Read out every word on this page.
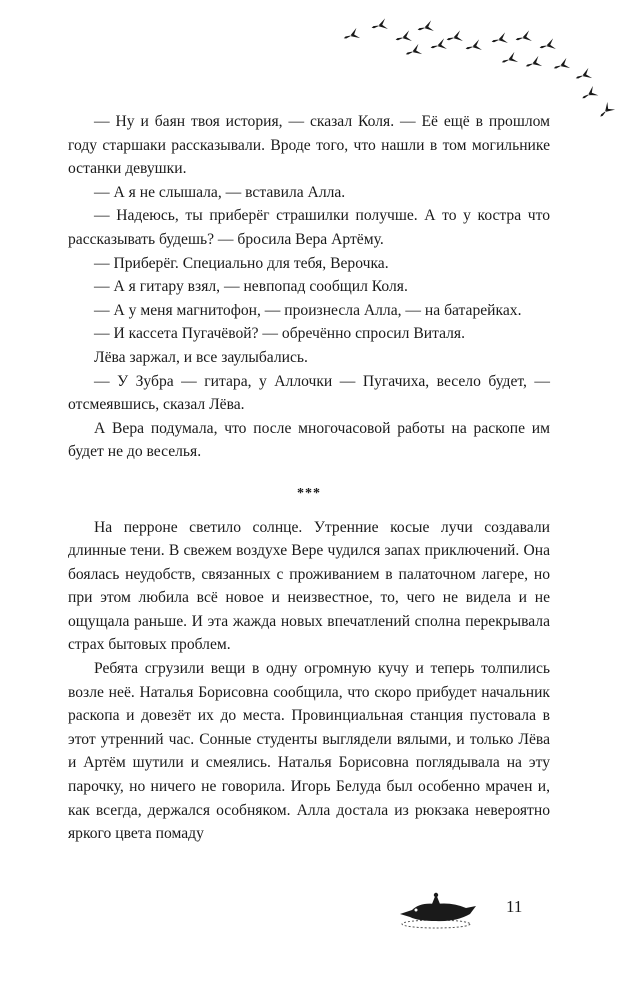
— Ну и баян твоя история, — сказал Коля. — Её ещё в прошлом году старшаки рассказывали. Вроде того, что нашли в том могильнике останки девушки.

— А я не слышала, — вставила Алла.

— Надеюсь, ты приберёг страшилки получше. А то у костра что рассказывать будешь? — бросила Вера Артёму.

— Приберёг. Специально для тебя, Верочка.

— А я гитару взял, — невпопад сообщил Коля.

— А у меня магнитофон, — произнесла Алла, — на батарейках.

— И кассета Пугачёвой? — обречённо спросил Виталя.

Лёва заржал, и все заулыбались.

— У Зубра — гитара, у Аллочки — Пугачиха, весело будет, — отсмеявшись, сказал Лёва.

А Вера подумала, что после многочасовой работы на раскопе им будет не до веселья.

***

На перроне светило солнце. Утренние косые лучи создавали длинные тени. В свежем воздухе Вере чудился запах приключений. Она боялась неудобств, связанных с проживанием в палаточном лагере, но при этом любила всё новое и неизвестное, то, чего не видела и не ощущала раньше. И эта жажда новых впечатлений сполна перекрывала страх бытовых проблем.

Ребята сгрузили вещи в одну огромную кучу и теперь толпились возле неё. Наталья Борисовна сообщила, что скоро прибудет начальник раскопа и довезёт их до места. Провинциальная станция пустовала в этот утренний час. Сонные студенты выглядели вялыми, и только Лёва и Артём шутили и смеялись. Наталья Борисовна поглядывала на эту парочку, но ничего не говорила. Игорь Белуда был особенно мрачен и, как всегда, держался особняком. Алла достала из рюкзака невероятно яркого цвета помаду

11
